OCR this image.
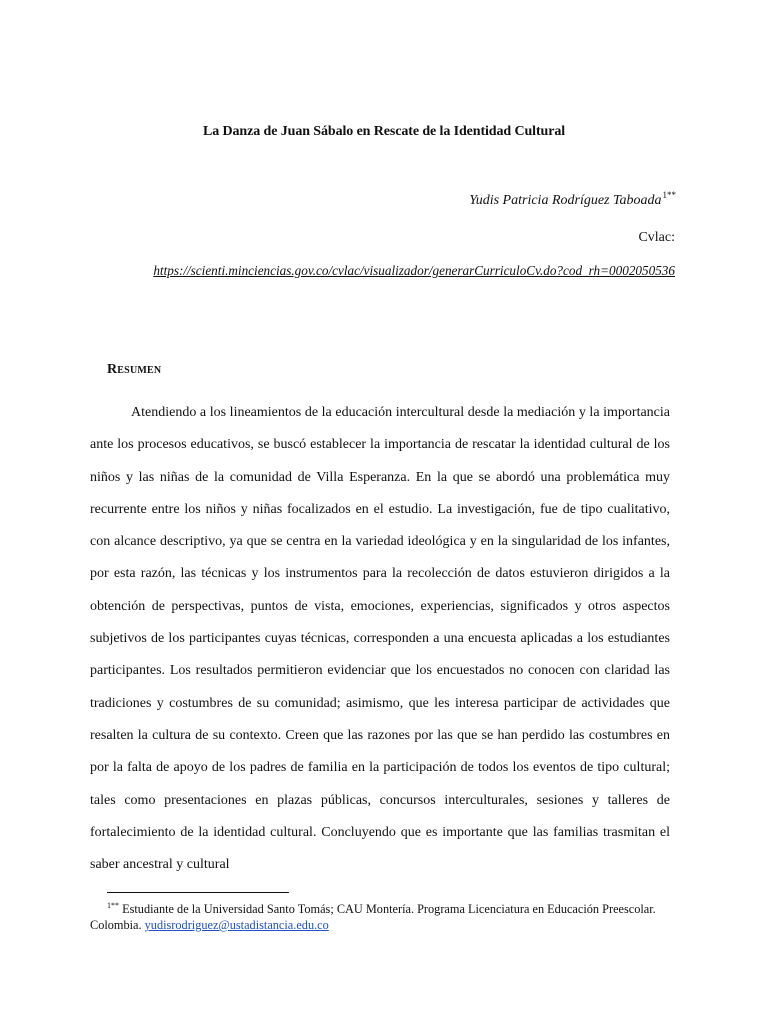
La Danza de Juan Sábalo en Rescate de la Identidad Cultural
Yudis Patricia Rodríguez Taboada$^{1**}$
Cvlac:
https://scienti.minciencias.gov.co/cvlac/visualizador/generarCurriculoCv.do?cod_rh=0002050536
Resumen

Atendiendo a los lineamientos de la educación intercultural desde la mediación y la importancia ante los procesos educativos, se buscó establecer la importancia de rescatar la identidad cultural de los niños y las niñas de la comunidad de Villa Esperanza. En la que se abordó una problemática muy recurrente entre los niños y niñas focalizados en el estudio. La investigación, fue de tipo cualitativo, con alcance descriptivo, ya que se centra en la variedad ideológica y en la singularidad de los infantes, por esta razón, las técnicas y los instrumentos para la recolección de datos estuvieron dirigidos a la obtención de perspectivas, puntos de vista, emociones, experiencias, significados y otros aspectos subjetivos de los participantes cuyas técnicas, corresponden a una encuesta aplicadas a los estudiantes participantes. Los resultados permitieron evidenciar que los encuestados no conocen con claridad las tradiciones y costumbres de su comunidad; asimismo, que les interesa participar de actividades que resalten la cultura de su contexto. Creen que las razones por las que se han perdido las costumbres en por la falta de apoyo de los padres de familia en la participación de todos los eventos de tipo cultural; tales como presentaciones en plazas públicas, concursos interculturales, sesiones y talleres de fortalecimiento de la identidad cultural. Concluyendo que es importante que las familias trasmitan el saber ancestral y cultural

$^{1**}$ Estudiante de la Universidad Santo Tomás; CAU Montería. Programa Licenciatura en Educación Preescolar. Colombia. yudisrodriguez@ustadistancia.edu.co
